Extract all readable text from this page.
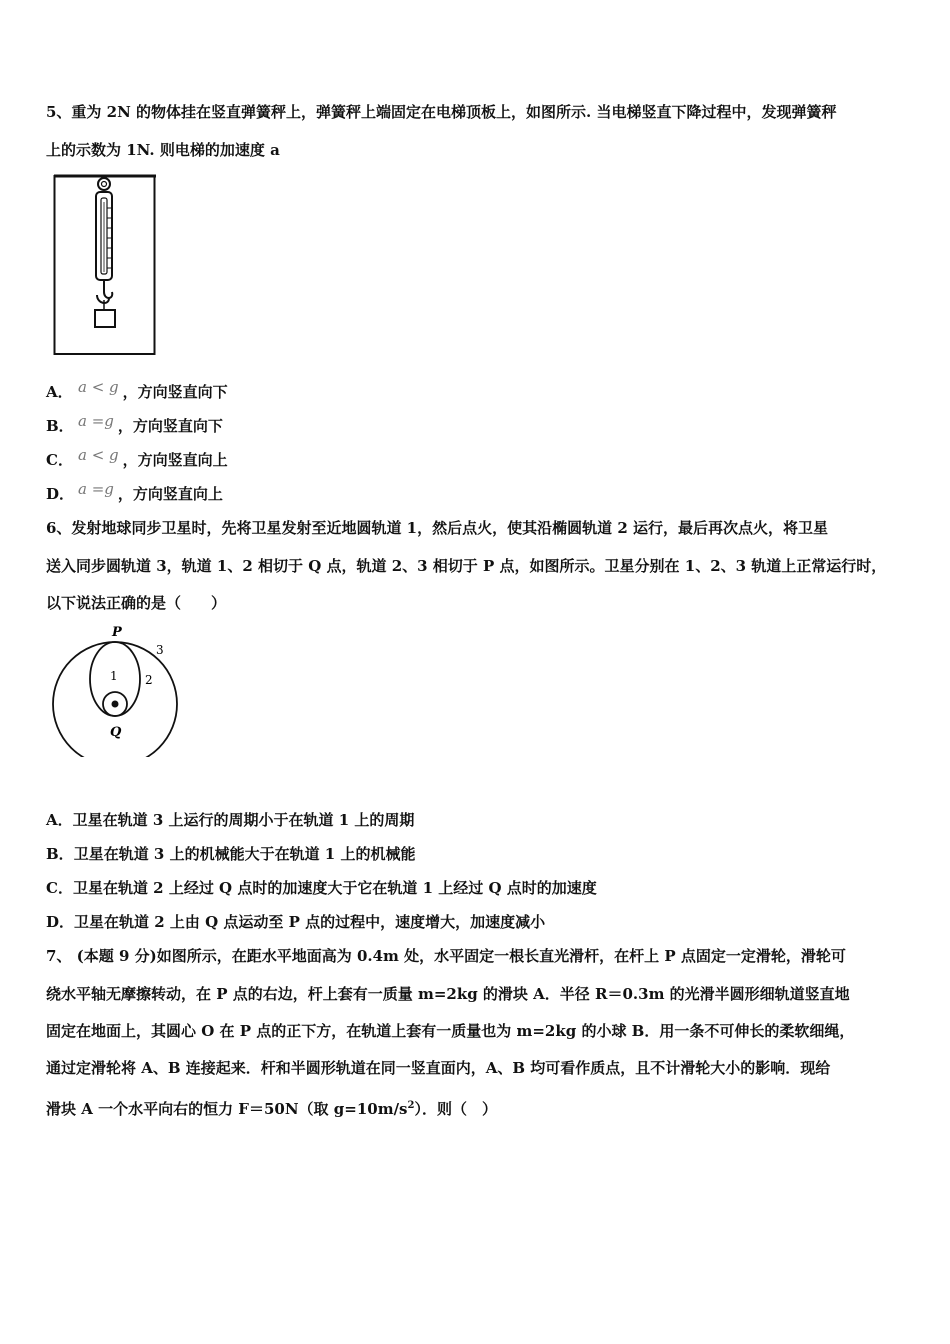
5、重为 2N 的物体挂在竖直弹簧秤上，弹簧秤上端固定在电梯顶板上，如图所示. 当电梯竖直下降过程中，发现弹簧秤
上的示数为 1N. 则电梯的加速度 a
A． a < g ，方向竖直向下
B． a =g ，方向竖直向下
C． a < g ，方向竖直向上
D． a =g ，方向竖直向上
6、发射地球同步卫星时，先将卫星发射至近地圆轨道 1，然后点火，使其沿椭圆轨道 2 运行，最后再次点火，将卫星
送入同步圆轨道 3，轨道 1、2 相切于 Q 点，轨道 2、3 相切于 P 点，如图所示。卫星分别在 1、2、3 轨道上正常运行时，
以下说法正确的是（　　）
P
Q
1 2
3
A．卫星在轨道 3 上运行的周期小于在轨道 1 上的周期
B．卫星在轨道 3 上的机械能大于在轨道 1 上的机械能
C．卫星在轨道 2 上经过 Q 点时的加速度大于它在轨道 1 上经过 Q 点时的加速度
D．卫星在轨道 2 上由 Q 点运动至 P 点的过程中，速度增大，加速度减小
7、 (本题 9 分)如图所示，在距水平地面高为 0.4m 处，水平固定一根长直光滑杆，在杆上 P 点固定一定滑轮，滑轮可
绕水平轴无摩擦转动，在 P 点的右边，杆上套有一质量 m=2kg 的滑块 A．半径 R＝0.3m 的光滑半圆形细轨道竖直地
固定在地面上，其圆心 O 在 P 点的正下方，在轨道上套有一质量也为 m=2kg 的小球 B．用一条不可伸长的柔软细绳，
通过定滑轮将 A、B 连接起来．杆和半圆形轨道在同一竖直面内，A、B 均可看作质点，且不计滑轮大小的影响．现给
滑块 A 一个水平向右的恒力 F＝50N（取 $g=10m/s^2$）．则（　）
